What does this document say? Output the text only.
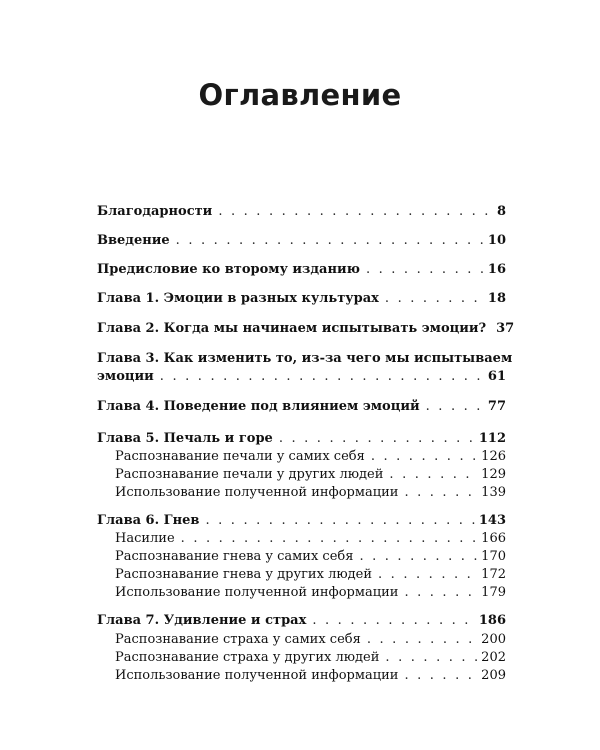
Оглавление
Благодарности . . .	8
Введение . . .	10
Предисловие ко второму изданию . . .	16
Глава 1. Эмоции в разных культурах . . .	18
Глава 2. Когда мы начинаем испытывать эмоции? 37
Глава 3. Как изменить то, из-за чего мы испытываем
эмоции . . .	61
Глава 4. Поведение под влиянием эмоций . . .	77
Глава 5. Печаль и горе . . .	112
Распознавание печали у самих себя . . .	126
Распознавание печали у других людей . . .	129
Использование полученной информации . . .	139
Глава 6. Гнев . . .	143
Насилие . . .	166
Распознавание гнева у самих себя . . .	170
Распознавание гнева у других людей . . .	172
Использование полученной информации . . .	179
Глава 7. Удивление и страх . . .	186
Распознавание страха у самих себя . . .	200
Распознавание страха у других людей . . .	202
Использование полученной информации . . .	209
